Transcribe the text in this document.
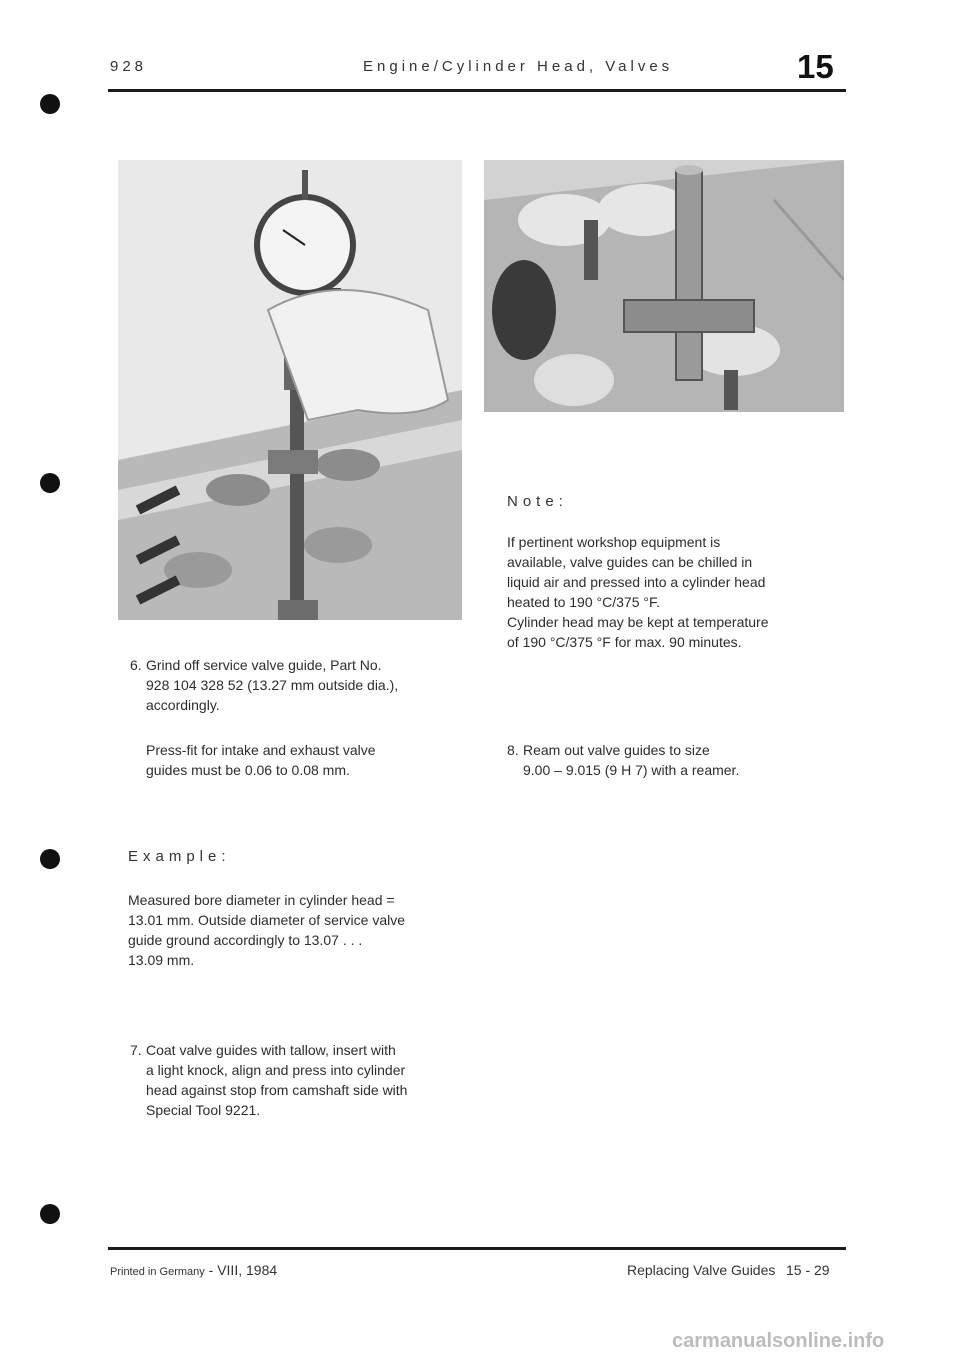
928	Engine/Cylinder Head, Valves	15
6. Grind off service valve guide, Part No.
928 104 328 52 (13.27 mm outside dia.),
accordingly.
Press-fit for intake and exhaust valve
guides must be 0.06 to 0.08 mm.
Example:
Measured bore diameter in cylinder head =
13.01 mm. Outside diameter of service valve
guide ground accordingly to 13.07 . . .
13.09 mm.
7. Coat valve guides with tallow, insert with
a light knock, align and press into cylinder
head against stop from camshaft side with
Special Tool 9221.
Note:
If pertinent workshop equipment is
available, valve guides can be chilled in
liquid air and pressed into a cylinder head
heated to 190 °C/375 °F.
Cylinder head may be kept at temperature
of 190 °C/375 °F for max. 90 minutes.
8. Ream out valve guides to size
9.00 – 9.015 (9 H 7) with a reamer.
Printed in Germany - VIII, 1984	Replacing Valve Guides 15 - 29
carmanualsonline.info
